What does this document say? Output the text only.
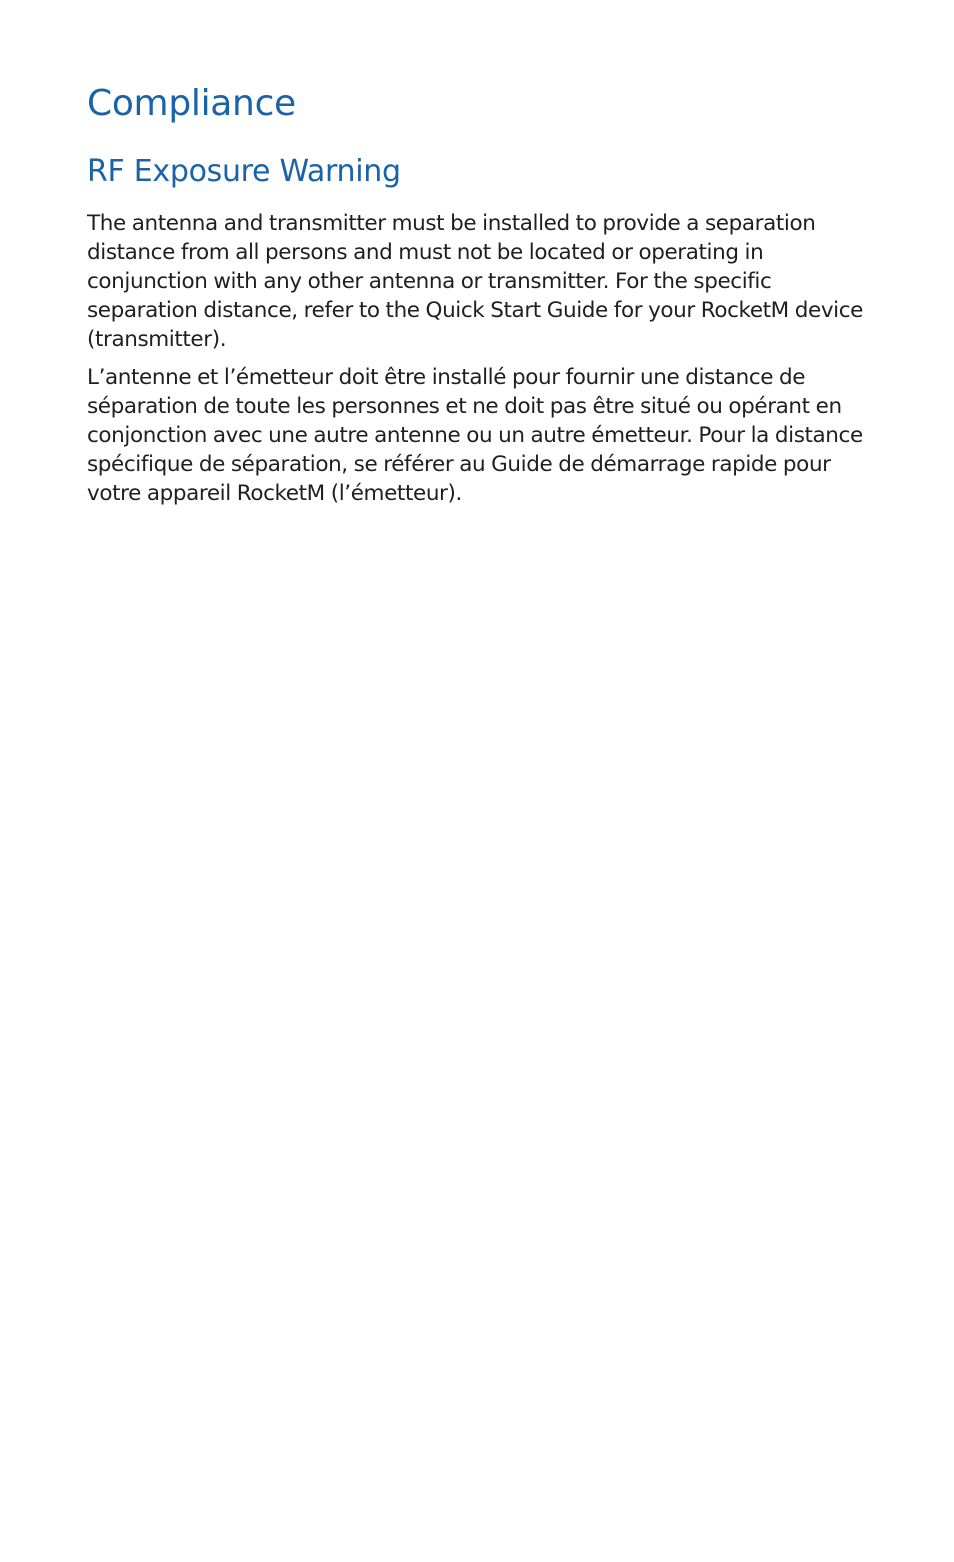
Compliance
RF Exposure Warning

The antenna and transmitter must be installed to provide a separation distance from all persons and must not be located or operating in conjunction with any other antenna or transmitter. For the specific separation distance, refer to the Quick Start Guide for your RocketM device (transmitter).

L’antenne et l’émetteur doit être installé pour fournir une distance de séparation de toute les personnes et ne doit pas être situé ou opérant en conjonction avec une autre antenne ou un autre émetteur. Pour la distance spécifique de séparation, se référer au Guide de démarrage rapide pour votre appareil RocketM (l’émetteur).
